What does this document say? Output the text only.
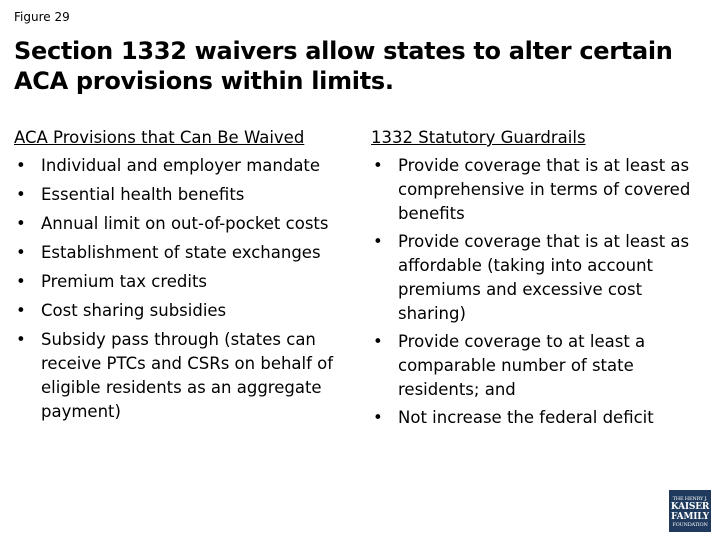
Figure 29
Section 1332 waivers allow states to alter certain ACA provisions within limits.
ACA Provisions that Can Be Waived
• Individual and employer mandate
• Essential health benefits
• Annual limit on out-of-pocket costs
• Establishment of state exchanges
• Premium tax credits
• Cost sharing subsidies
• Subsidy pass through (states can receive PTCs and CSRs on behalf of eligible residents as an aggregate payment)
1332 Statutory Guardrails
• Provide coverage that is at least as comprehensive in terms of covered benefits
• Provide coverage that is at least as affordable (taking into account premiums and excessive cost sharing)
• Provide coverage to at least a comparable number of state residents; and
• Not increase the federal deficit
THE HENRY J.
KAISER
FAMILY
FOUNDATION
